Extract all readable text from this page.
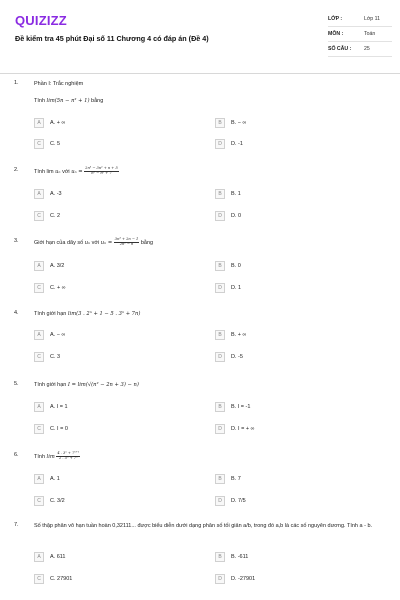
QUIZIZZ
Đề kiểm tra 45 phút Đại số 11 Chương 4 có đáp án (Đề 4)
LỚP :	Lớp 11
MÔN :	Toán
SỐ CÂU : 25
1.	Phần I: Trắc nghiệm
Tính lim(5n − n² + 1) bằng
A	A. + ∞	B	B. − ∞
C	C. 5	D	D. -1
2.	Tính lim uₙ với $u_n = \frac{\text{2n³ − 3n² + n + 5}}{\text{n³ − n² + 7}}$
A	A. -3	B	B. 1
C	C. 2	D	D. 0
3.	Giới hạn của dãy số uₙ với $u_n = \frac{\text{3n³ + 2n − 1}}{\text{2n² − n}}$ bằng
A	A. 3/2	B	B. 0
C	C. + ∞	D	D. 1
4.	Tính giới hạn lim(3 . 2ⁿ + 1 − 5 . 3ⁿ + 7n)
A	A. − ∞	B	B. + ∞
C	C. 3	D	D. -5
5.	Tính giới hạn I = lim(√(n² − 2n + 3) − n)
A	A. I = 1	B	B. I = -1
C	C. I = 0	D	D. I = + ∞
6.	Tính $\lim \frac{\text{4 . 3ⁿ + 7ⁿ⁺¹}}{\text{2 . 5ⁿ + 7ⁿ}}$
A	A. 1	B	B. 7
C	C. 3/2	D	D. 7/5
7.	Số thập phân vô hạn tuần hoàn 0,32111... được biểu diễn dưới dạng phân số tối giản a/b, trong đó a,b là các số nguyên dương. Tính a - b.
A	A. 611	B	B. -611
C	C. 27901	D	D. -27901
